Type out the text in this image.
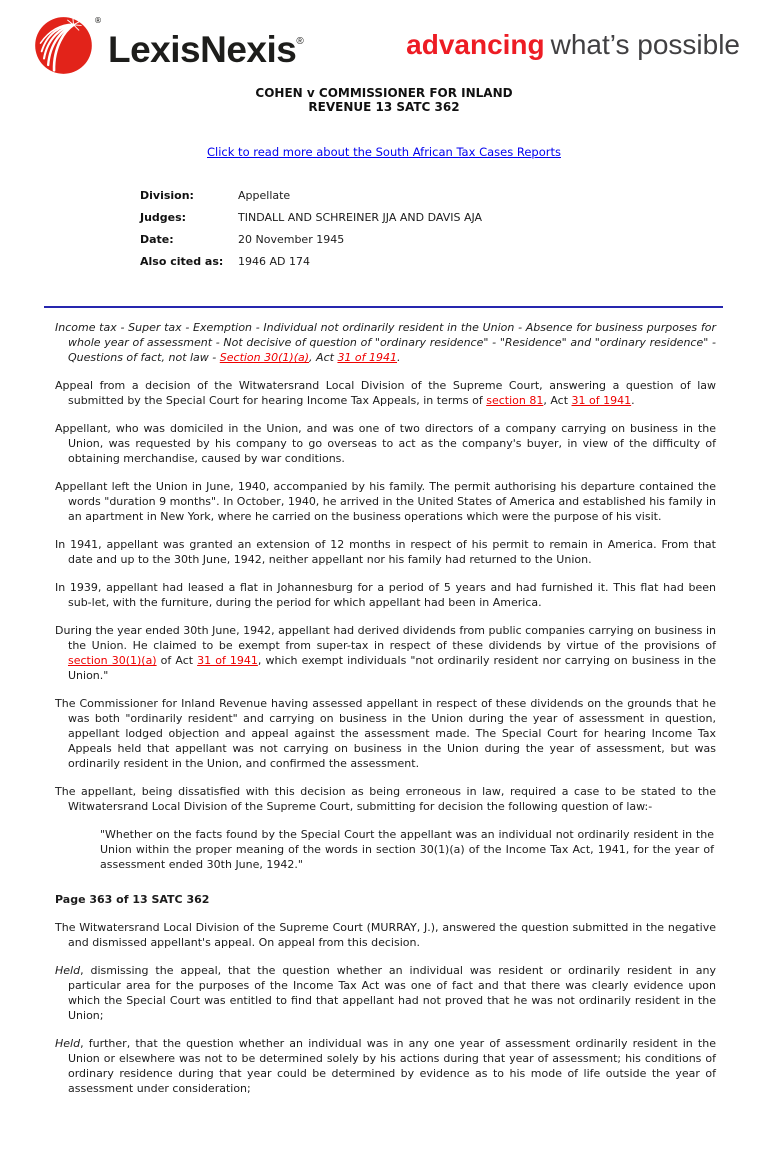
®
LexisNexis®	advancing what’s possible
COHEN v COMMISSIONER FOR INLAND
REVENUE 13 SATC 362
Click to read more about the South African Tax Cases Reports
Division:	Appellate
Judges:	TINDALL AND SCHREINER JJA AND DAVIS AJA
Date:	20 November 1945
Also cited as:	1946 AD 174

Income tax - Super tax - Exemption - Individual not ordinarily resident in the Union - Absence for business purposes for whole year of assessment - Not decisive of question of "ordinary residence" - "Residence" and "ordinary residence" -Questions of fact, not law - Section 30(1)(a), Act 31 of 1941.

Appeal from a decision of the Witwatersrand Local Division of the Supreme Court, answering a question of law submitted by the Special Court for hearing Income Tax Appeals, in terms of section 81, Act 31 of 1941.

Appellant, who was domiciled in the Union, and was one of two directors of a company carrying on business in the Union, was requested by his company to go overseas to act as the company's buyer, in view of the difficulty of obtaining merchandise, caused by war conditions.

Appellant left the Union in June, 1940, accompanied by his family. The permit authorising his departure contained the words "duration 9 months". In October, 1940, he arrived in the United States of America and established his family in an apartment in New York, where he carried on the business operations which were the purpose of his visit.

In 1941, appellant was granted an extension of 12 months in respect of his permit to remain in America. From that date and up to the 30th June, 1942, neither appellant nor his family had returned to the Union.

In 1939, appellant had leased a flat in Johannesburg for a period of 5 years and had furnished it. This flat had been sub-let, with the furniture, during the period for which appellant had been in America.

During the year ended 30th June, 1942, appellant had derived dividends from public companies carrying on business in the Union. He claimed to be exempt from super-tax in respect of these dividends by virtue of the provisions of section 30(1)(a) of Act 31 of 1941, which exempt individuals "not ordinarily resident nor carrying on business in the Union."

The Commissioner for Inland Revenue having assessed appellant in respect of these dividends on the grounds that he was both "ordinarily resident" and carrying on business in the Union during the year of assessment in question, appellant lodged objection and appeal against the assessment made. The Special Court for hearing Income Tax Appeals held that appellant was not carrying on business in the Union during the year of assessment, but was ordinarily resident in the Union, and confirmed the assessment.

The appellant, being dissatisfied with this decision as being erroneous in law, required a case to be stated to the Witwatersrand Local Division of the Supreme Court, submitting for decision the following question of law:-

"Whether on the facts found by the Special Court the appellant was an individual not ordinarily resident in the Union within the proper meaning of the words in section 30(1)(a) of the Income Tax Act, 1941, for the year of assessment ended 30th June, 1942."

Page 363 of 13 SATC 362

The Witwatersrand Local Division of the Supreme Court (MURRAY, J.), answered the question submitted in the negative and dismissed appellant's appeal. On appeal from this decision.

Held, dismissing the appeal, that the question whether an individual was resident or ordinarily resident in any particular area for the purposes of the Income Tax Act was one of fact and that there was clearly evidence upon which the Special Court was entitled to find that appellant had not proved that he was not ordinarily resident in the Union;

Held, further, that the question whether an individual was in any one year of assessment ordinarily resident in the Union or elsewhere was not to be determined solely by his actions during that year of assessment; his conditions of ordinary residence during that year could be determined by evidence as to his mode of life outside the year of assessment under consideration;
